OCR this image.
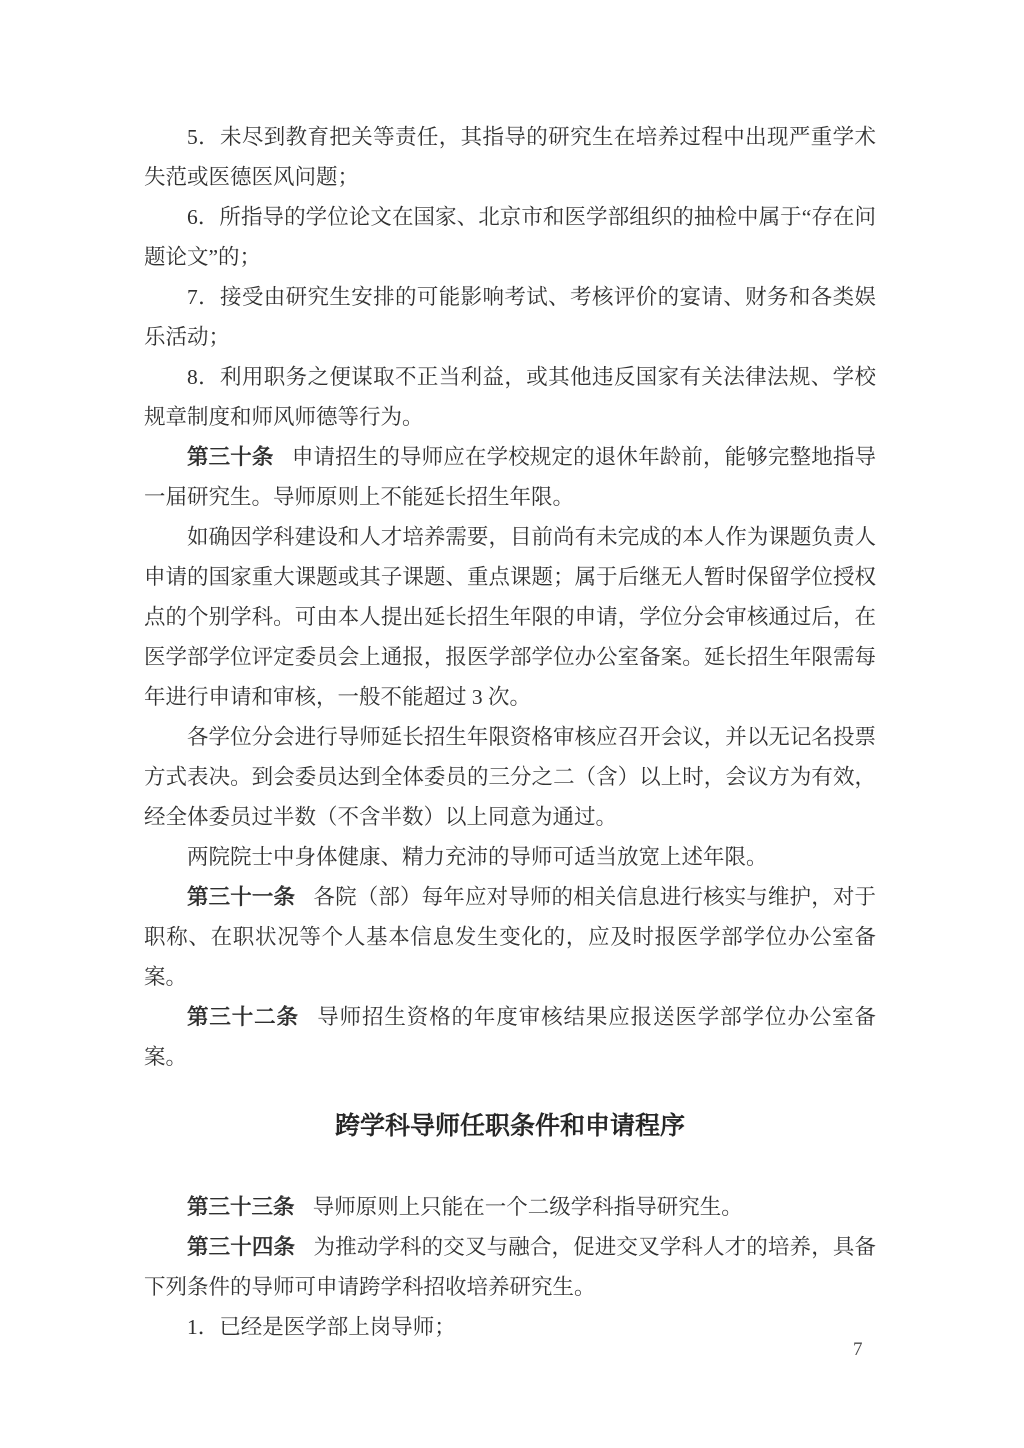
5．未尽到教育把关等责任，其指导的研究生在培养过程中出现严重学术失范或医德医风问题；

6．所指导的学位论文在国家、北京市和医学部组织的抽检中属于“存在问题论文”的；

7．接受由研究生安排的可能影响考试、考核评价的宴请、财务和各类娱乐活动；

8．利用职务之便谋取不正当利益，或其他违反国家有关法律法规、学校规章制度和师风师德等行为。

第三十条 申请招生的导师应在学校规定的退休年龄前，能够完整地指导一届研究生。导师原则上不能延长招生年限。

如确因学科建设和人才培养需要，目前尚有未完成的本人作为课题负责人申请的国家重大课题或其子课题、重点课题；属于后继无人暂时保留学位授权点的个别学科。可由本人提出延长招生年限的申请，学位分会审核通过后，在医学部学位评定委员会上通报，报医学部学位办公室备案。延长招生年限需每年进行申请和审核，一般不能超过 3 次。

各学位分会进行导师延长招生年限资格审核应召开会议，并以无记名投票方式表决。到会委员达到全体委员的三分之二（含）以上时，会议方为有效，经全体委员过半数（不含半数）以上同意为通过。

两院院士中身体健康、精力充沛的导师可适当放宽上述年限。

第三十一条 各院（部）每年应对导师的相关信息进行核实与维护，对于职称、在职状况等个人基本信息发生变化的，应及时报医学部学位办公室备案。

第三十二条 导师招生资格的年度审核结果应报送医学部学位办公室备案。

跨学科导师任职条件和申请程序

第三十三条 导师原则上只能在一个二级学科指导研究生。

第三十四条 为推动学科的交叉与融合，促进交叉学科人才的培养，具备下列条件的导师可申请跨学科招收培养研究生。

1．已经是医学部上岗导师；

7
